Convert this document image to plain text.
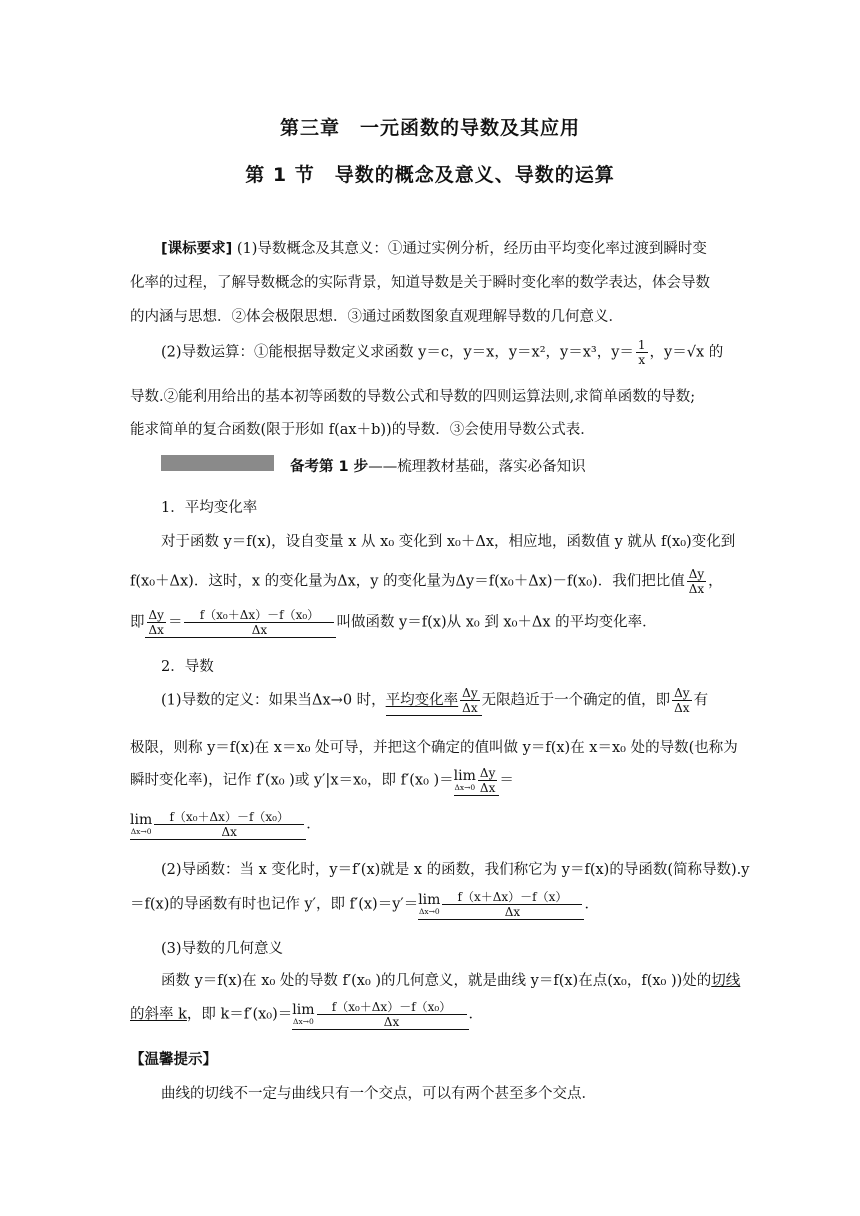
第三章　一元函数的导数及其应用
第 1 节　导数的概念及意义、导数的运算
[课标要求] (1)导数概念及其意义：①通过实例分析，经历由平均变化率过渡到瞬时变
化率的过程，了解导数概念的实际背景，知道导数是关于瞬时变化率的数学表达，体会导数
的内涵与思想．②体会极限思想．③通过函数图象直观理解导数的几何意义．
(2)导数运算：①能根据导数定义求函数 y＝c，y＝x，y＝x²，y＝x³，$y= \frac{1}{x}$ ，y＝√x 的
导数.②能利用给出的基本初等函数的导数公式和导数的四则运算法则,求简单函数的导数;
能求简单的复合函数(限于形如 f(ax＋b))的导数．③会使用导数公式表．
备考第 1 步——梳理教材基础，落实必备知识
1．平均变化率
对于函数 y＝f(x)，设自变量 x 从 x₀ 变化到 x₀＋Δx，相应地，函数值 y 就从 f(x₀)变化到
f(x₀＋Δx)．这时，x 的变化量为Δx，y 的变化量为Δy＝f(x₀＋Δx)－f(x₀)．我们把比值 $\frac{\Delta y}{\Delta x}$ ，
即 $\frac{\Delta y}{\Delta x} = \frac{\text{f（x₀＋Δx）－f（x₀）}}{\Delta x}$ 叫做函数 y＝f(x)从 x₀ 到 x₀＋Δx 的平均变化率．
2．导数
(1)导数的定义：如果当Δx→0 时，平均变化率 $\frac{\Delta y}{\Delta x}$ 无限趋近于一个确定的值，即 $\frac{\Delta y}{\Delta x}$ 有
极限，则称 y＝f(x)在 x＝x₀ 处可导，并把这个确定的值叫做 y＝f(x)在 x＝x₀ 处的导数(也称为
瞬时变化率)，记作 f′(x₀ )或 y′|x＝x₀，即 f′(x₀ )＝lim
$\Delta x\to 0 \frac{\Delta y}{\Delta x}$ ＝
lim
$\Delta x\to 0 \frac{\text{f（x₀＋Δx）－f（x₀）}}{\Delta x}$ ．
(2)导函数：当 x 变化时，y＝f′(x)就是 x 的函数，我们称它为 y＝f(x)的导函数(简称导数).y
＝f(x)的导函数有时也记作 y′，即 f′(x)＝y′＝lim
$\Delta x\to 0 \frac{f(x+\Delta x)-f(x)}{\Delta x}$ ．
(3)导数的几何意义
函数 y＝f(x)在 x₀ 处的导数 f′(x₀ )的几何意义，就是曲线 y＝f(x)在点(x₀，f(x₀ ))处的切线
的斜率 k，即 k＝f′(x₀)＝lim
$\Delta x\to 0 \frac{\text{f（x₀＋Δx）－f（x₀）}}{\Delta x}$ ．
【温馨提示】
曲线的切线不一定与曲线只有一个交点，可以有两个甚至多个交点．
